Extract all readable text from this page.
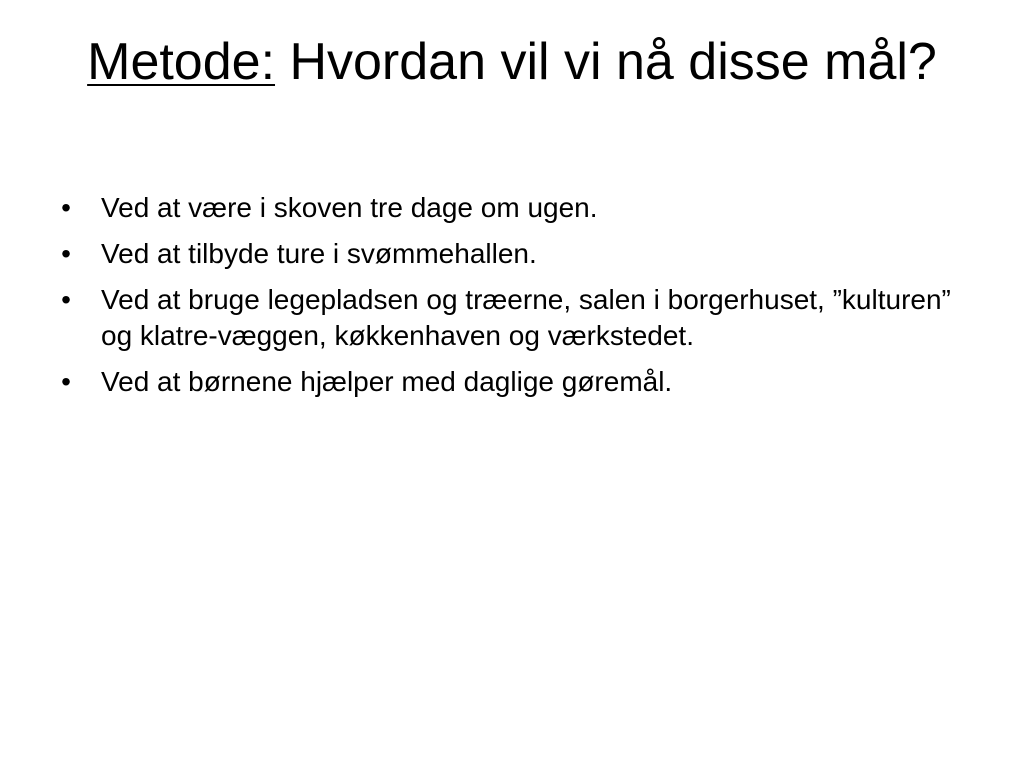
Metode: Hvordan vil vi nå disse mål?
• Ved at være i skoven tre dage om ugen.
• Ved at tilbyde ture i svømmehallen.
• Ved at bruge legepladsen og træerne, salen i borgerhuset, ”kulturen” og klatre-væggen, køkkenhaven og værkstedet.
• Ved at børnene hjælper med daglige gøremål.
